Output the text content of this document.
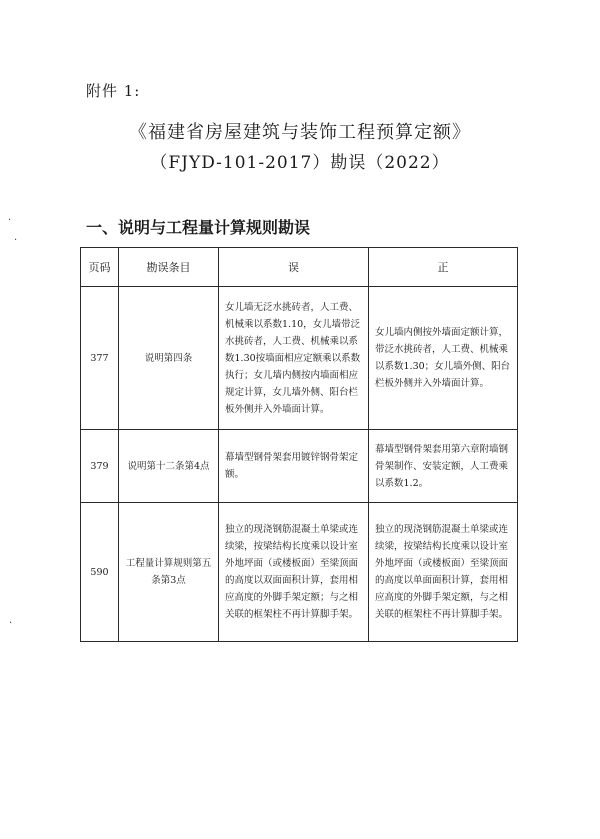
附件 1:
《福建省房屋建筑与装饰工程预算定额》
（FJYD-101-2017）勘误（2022）
一、说明与工程量计算规则勘误
页码	勘误条目	误	正
377	说明第四条	女儿墙无泛水挑砖者，人工费、机械乘以系数1.10，女儿墙带泛水挑砖者，人工费、机械乘以系数1.30按墙面相应定额乘以系数执行；女儿墙内侧按内墙面相应规定计算，女儿墙外侧、阳台栏板外侧并入外墙面计算。	女儿墙内侧按外墙面定额计算，带泛水挑砖者，人工费、机械乘以系数1.30；女儿墙外侧、阳台栏板外侧并入外墙面计算。
379	说明第十二条第4点	幕墙型钢骨架套用镀锌钢骨架定额。	幕墙型钢骨架套用第六章附墙钢骨架制作、安装定额，人工费乘以系数1.2。
590	工程量计算规则第五条第3点	独立的现浇钢筋混凝土单梁或连续梁，按梁结构长度乘以设计室外地坪面（或楼板面）至梁顶面的高度以双面面积计算，套用相应高度的外脚手架定额；与之相关联的框架柱不再计算脚手架。	独立的现浇钢筋混凝土单梁或连续梁，按梁结构长度乘以设计室外地坪面（或楼板面）至梁顶面的高度以单面面积计算，套用相应高度的外脚手架定额，与之相关联的框架柱不再计算脚手架。
·
·
·
